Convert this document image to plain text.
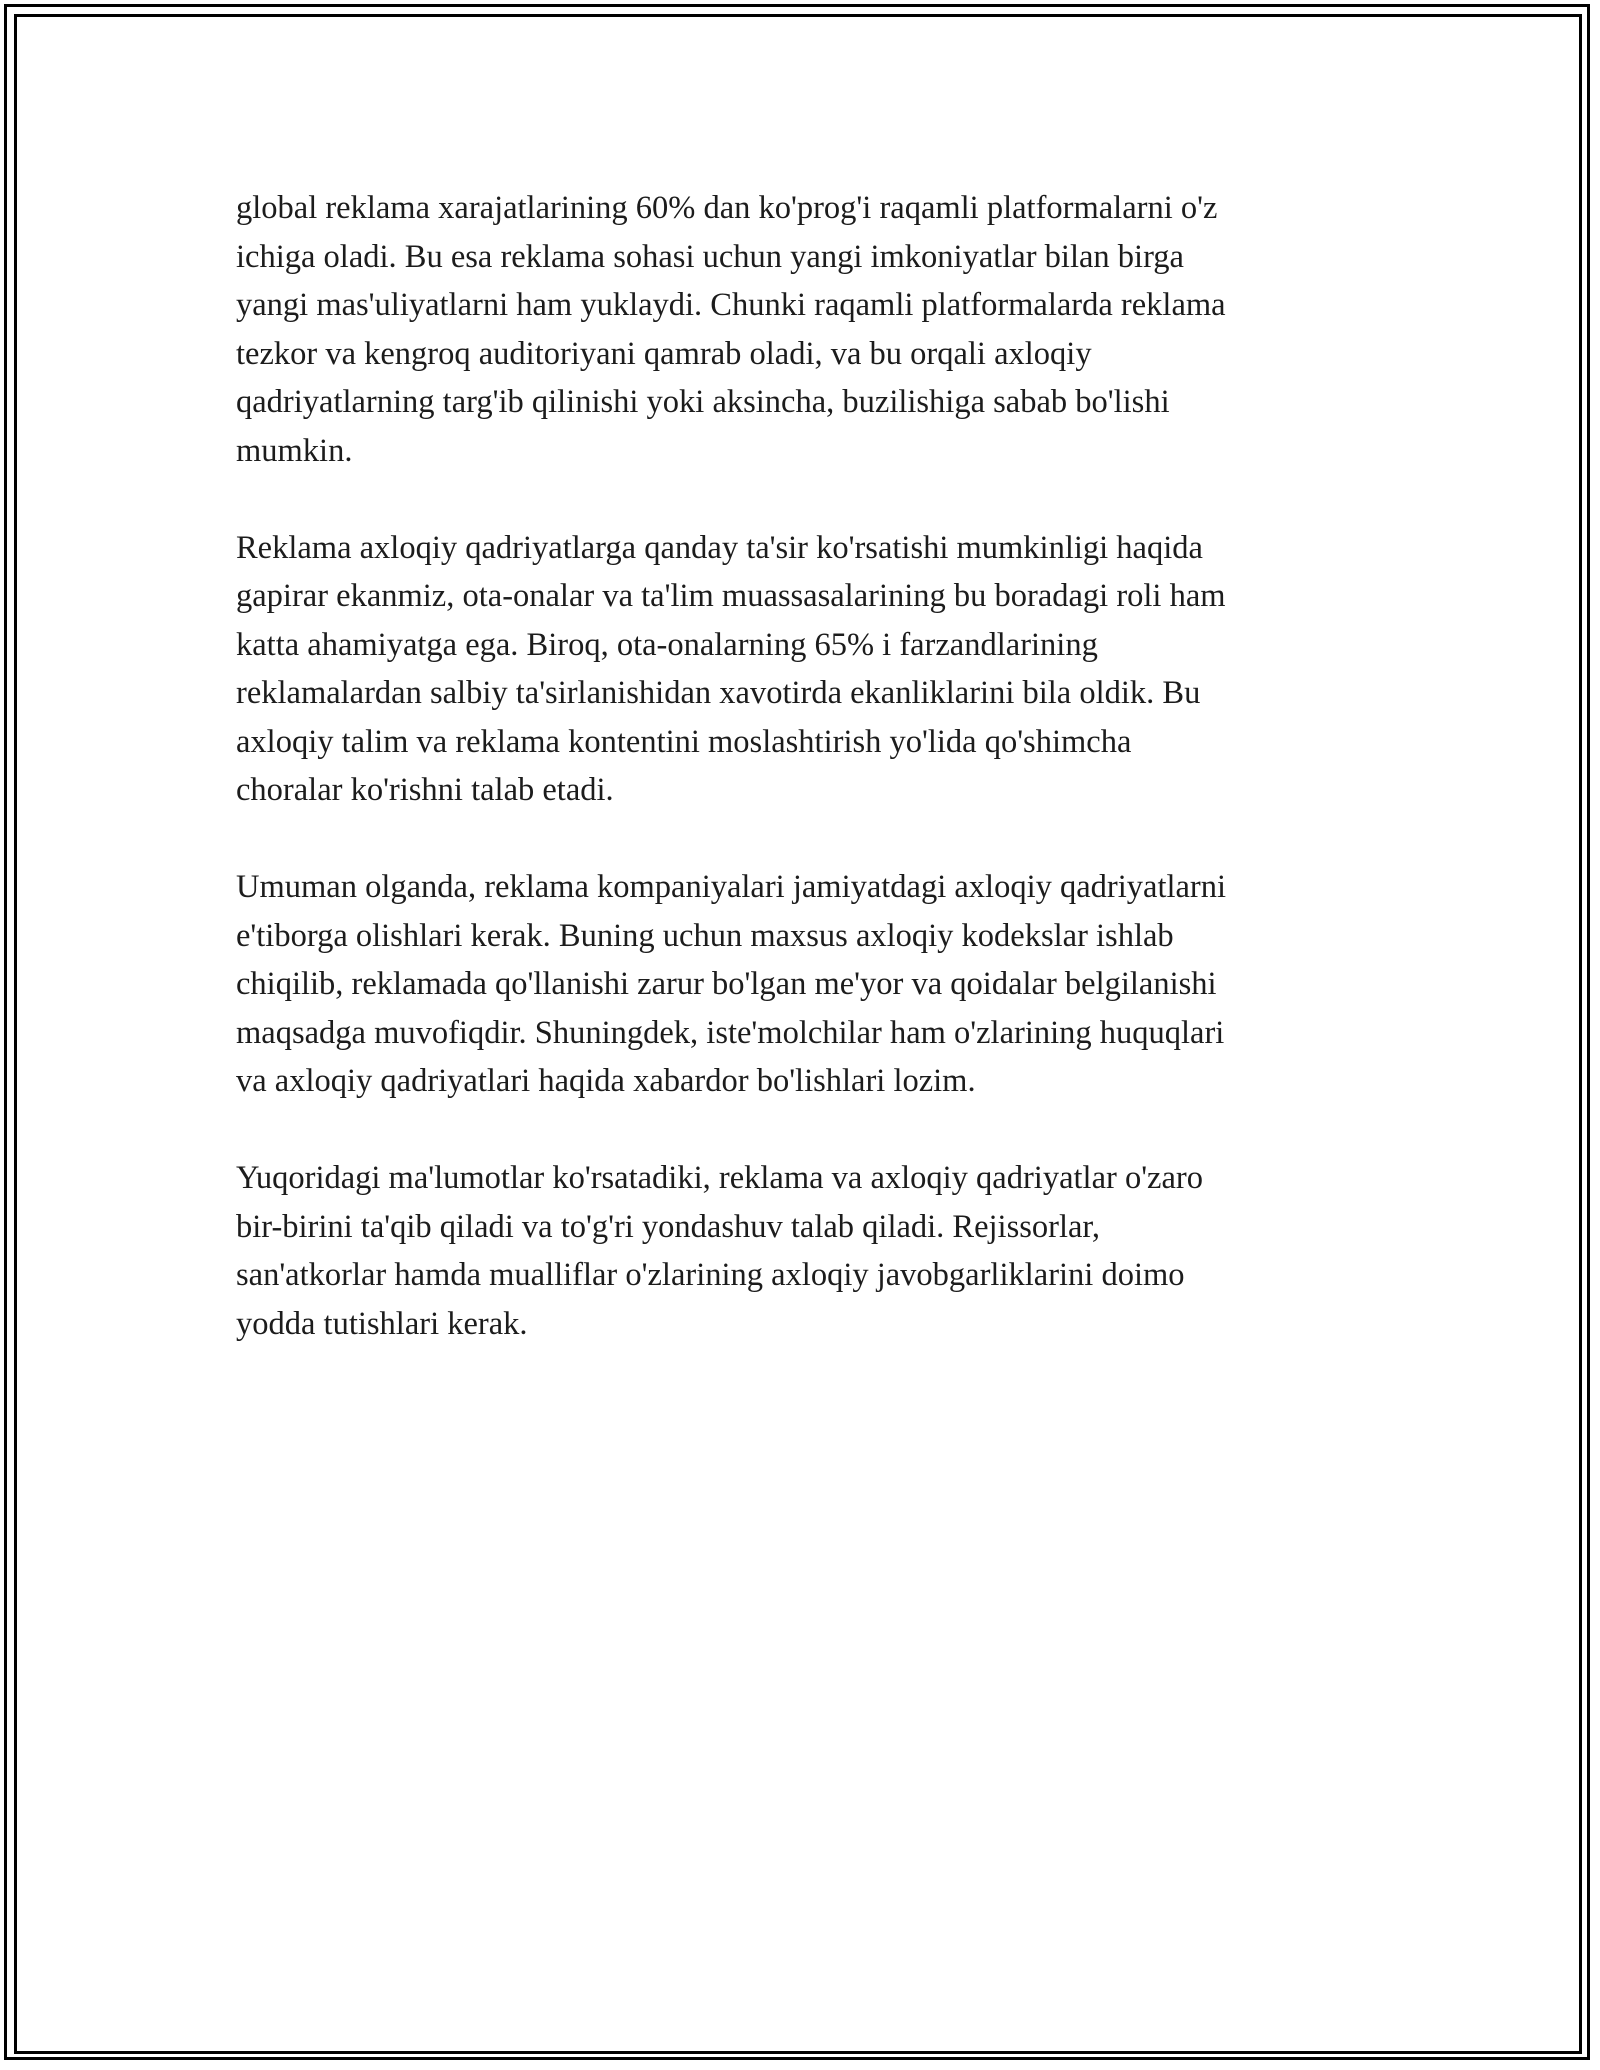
global reklama xarajatlarining 60% dan ko'prog'i raqamli platformalarni o'z
ichiga oladi. Bu esa reklama sohasi uchun yangi imkoniyatlar bilan birga
yangi mas'uliyatlarni ham yuklaydi. Chunki raqamli platformalarda reklama
tezkor va kengroq auditoriyani qamrab oladi, va bu orqali axloqiy
qadriyatlarning targ'ib qilinishi yoki aksincha, buzilishiga sabab bo'lishi
mumkin.

Reklama axloqiy qadriyatlarga qanday ta'sir ko'rsatishi mumkinligi haqida
gapirar ekanmiz, ota-onalar va ta'lim muassasalarining bu boradagi roli ham
katta ahamiyatga ega. Biroq, ota-onalarning 65% i farzandlarining
reklamalardan salbiy ta'sirlanishidan xavotirda ekanliklarini bila oldik. Bu
axloqiy talim va reklama kontentini moslashtirish yo'lida qo'shimcha
choralar ko'rishni talab etadi.

Umuman olganda, reklama kompaniyalari jamiyatdagi axloqiy qadriyatlarni
e'tiborga olishlari kerak. Buning uchun maxsus axloqiy kodekslar ishlab
chiqilib, reklamada qo'llanishi zarur bo'lgan me'yor va qoidalar belgilanishi
maqsadga muvofiqdir. Shuningdek, iste'molchilar ham o'zlarining huquqlari
va axloqiy qadriyatlari haqida xabardor bo'lishlari lozim.

Yuqoridagi ma'lumotlar ko'rsatadiki, reklama va axloqiy qadriyatlar o'zaro
bir-birini ta'qib qiladi va to'g'ri yondashuv talab qiladi. Rejissorlar,
san'atkorlar hamda mualliflar o'zlarining axloqiy javobgarliklarini doimo
yodda tutishlari kerak.
